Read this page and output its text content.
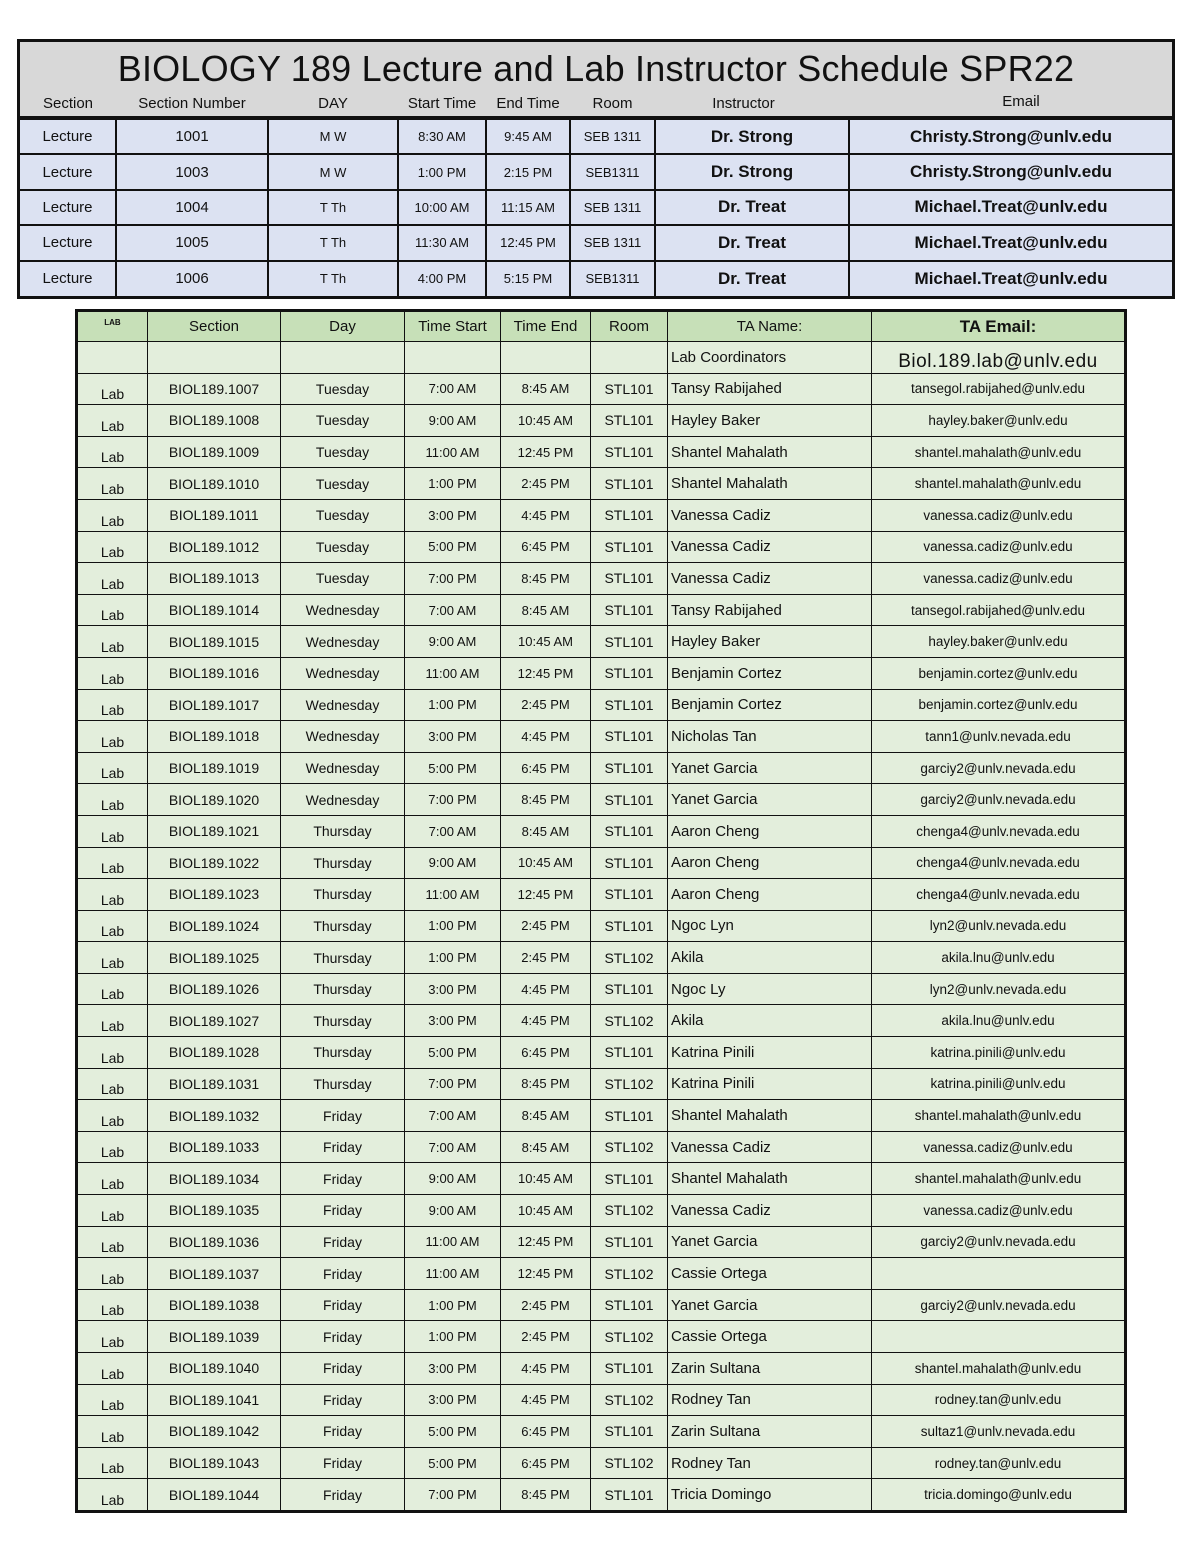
BIOLOGY 189 Lecture and Lab Instructor Schedule SPR22
Section	Section Number	DAY	Start Time	End Time	Room	Instructor	Email
Lecture	1001	M W	8:30 AM	9:45 AM	SEB 1311	Dr. Strong	Christy.Strong@unlv.edu
Lecture	1003	M W	1:00 PM	2:15 PM	SEB1311	Dr. Strong	Christy.Strong@unlv.edu
Lecture	1004	T Th	10:00 AM	11:15 AM	SEB 1311	Dr. Treat	Michael.Treat@unlv.edu
Lecture	1005	T Th	11:30 AM	12:45 PM	SEB 1311	Dr. Treat	Michael.Treat@unlv.edu
Lecture	1006	T Th	4:00 PM	5:15 PM	SEB1311	Dr. Treat	Michael.Treat@unlv.edu
LAB	Section	Day	Time Start	Time End	Room	TA Name:	TA Email:
						Lab Coordinators	Biol.189.lab@unlv.edu
Lab	BIOL189.1007	Tuesday	7:00 AM	8:45 AM	STL101	Tansy Rabijahed	tansegol.rabijahed@unlv.edu
Lab	BIOL189.1008	Tuesday	9:00 AM	10:45 AM	STL101	Hayley Baker	hayley.baker@unlv.edu
Lab	BIOL189.1009	Tuesday	11:00 AM	12:45 PM	STL101	Shantel Mahalath	shantel.mahalath@unlv.edu
Lab	BIOL189.1010	Tuesday	1:00 PM	2:45 PM	STL101	Shantel Mahalath	shantel.mahalath@unlv.edu
Lab	BIOL189.1011	Tuesday	3:00 PM	4:45 PM	STL101	Vanessa Cadiz	vanessa.cadiz@unlv.edu
Lab	BIOL189.1012	Tuesday	5:00 PM	6:45 PM	STL101	Vanessa Cadiz	vanessa.cadiz@unlv.edu
Lab	BIOL189.1013	Tuesday	7:00 PM	8:45 PM	STL101	Vanessa Cadiz	vanessa.cadiz@unlv.edu
Lab	BIOL189.1014	Wednesday	7:00 AM	8:45 AM	STL101	Tansy Rabijahed	tansegol.rabijahed@unlv.edu
Lab	BIOL189.1015	Wednesday	9:00 AM	10:45 AM	STL101	Hayley Baker	hayley.baker@unlv.edu
Lab	BIOL189.1016	Wednesday	11:00 AM	12:45 PM	STL101	Benjamin Cortez	benjamin.cortez@unlv.edu
Lab	BIOL189.1017	Wednesday	1:00 PM	2:45 PM	STL101	Benjamin Cortez	benjamin.cortez@unlv.edu
Lab	BIOL189.1018	Wednesday	3:00 PM	4:45 PM	STL101	Nicholas Tan	tann1@unlv.nevada.edu
Lab	BIOL189.1019	Wednesday	5:00 PM	6:45 PM	STL101	Yanet Garcia	garciy2@unlv.nevada.edu
Lab	BIOL189.1020	Wednesday	7:00 PM	8:45 PM	STL101	Yanet Garcia	garciy2@unlv.nevada.edu
Lab	BIOL189.1021	Thursday	7:00 AM	8:45 AM	STL101	Aaron Cheng	chenga4@unlv.nevada.edu
Lab	BIOL189.1022	Thursday	9:00 AM	10:45 AM	STL101	Aaron Cheng	chenga4@unlv.nevada.edu
Lab	BIOL189.1023	Thursday	11:00 AM	12:45 PM	STL101	Aaron Cheng	chenga4@unlv.nevada.edu
Lab	BIOL189.1024	Thursday	1:00 PM	2:45 PM	STL101	Ngoc Lyn	lyn2@unlv.nevada.edu
Lab	BIOL189.1025	Thursday	1:00 PM	2:45 PM	STL102	Akila	akila.lnu@unlv.edu
Lab	BIOL189.1026	Thursday	3:00 PM	4:45 PM	STL101	Ngoc Ly	lyn2@unlv.nevada.edu
Lab	BIOL189.1027	Thursday	3:00 PM	4:45 PM	STL102	Akila	akila.lnu@unlv.edu
Lab	BIOL189.1028	Thursday	5:00 PM	6:45 PM	STL101	Katrina Pinili	katrina.pinili@unlv.edu
Lab	BIOL189.1031	Thursday	7:00 PM	8:45 PM	STL102	Katrina Pinili	katrina.pinili@unlv.edu
Lab	BIOL189.1032	Friday	7:00 AM	8:45 AM	STL101	Shantel Mahalath	shantel.mahalath@unlv.edu
Lab	BIOL189.1033	Friday	7:00 AM	8:45 AM	STL102	Vanessa Cadiz	vanessa.cadiz@unlv.edu
Lab	BIOL189.1034	Friday	9:00 AM	10:45 AM	STL101	Shantel Mahalath	shantel.mahalath@unlv.edu
Lab	BIOL189.1035	Friday	9:00 AM	10:45 AM	STL102	Vanessa Cadiz	vanessa.cadiz@unlv.edu
Lab	BIOL189.1036	Friday	11:00 AM	12:45 PM	STL101	Yanet Garcia	garciy2@unlv.nevada.edu
Lab	BIOL189.1037	Friday	11:00 AM	12:45 PM	STL102	Cassie Ortega	
Lab	BIOL189.1038	Friday	1:00 PM	2:45 PM	STL101	Yanet Garcia	garciy2@unlv.nevada.edu
Lab	BIOL189.1039	Friday	1:00 PM	2:45 PM	STL102	Cassie Ortega	
Lab	BIOL189.1040	Friday	3:00 PM	4:45 PM	STL101	Zarin Sultana	shantel.mahalath@unlv.edu
Lab	BIOL189.1041	Friday	3:00 PM	4:45 PM	STL102	Rodney Tan	rodney.tan@unlv.edu
Lab	BIOL189.1042	Friday	5:00 PM	6:45 PM	STL101	Zarin Sultana	sultaz1@unlv.nevada.edu
Lab	BIOL189.1043	Friday	5:00 PM	6:45 PM	STL102	Rodney Tan	rodney.tan@unlv.edu
Lab	BIOL189.1044	Friday	7:00 PM	8:45 PM	STL101	Tricia Domingo	tricia.domingo@unlv.edu
